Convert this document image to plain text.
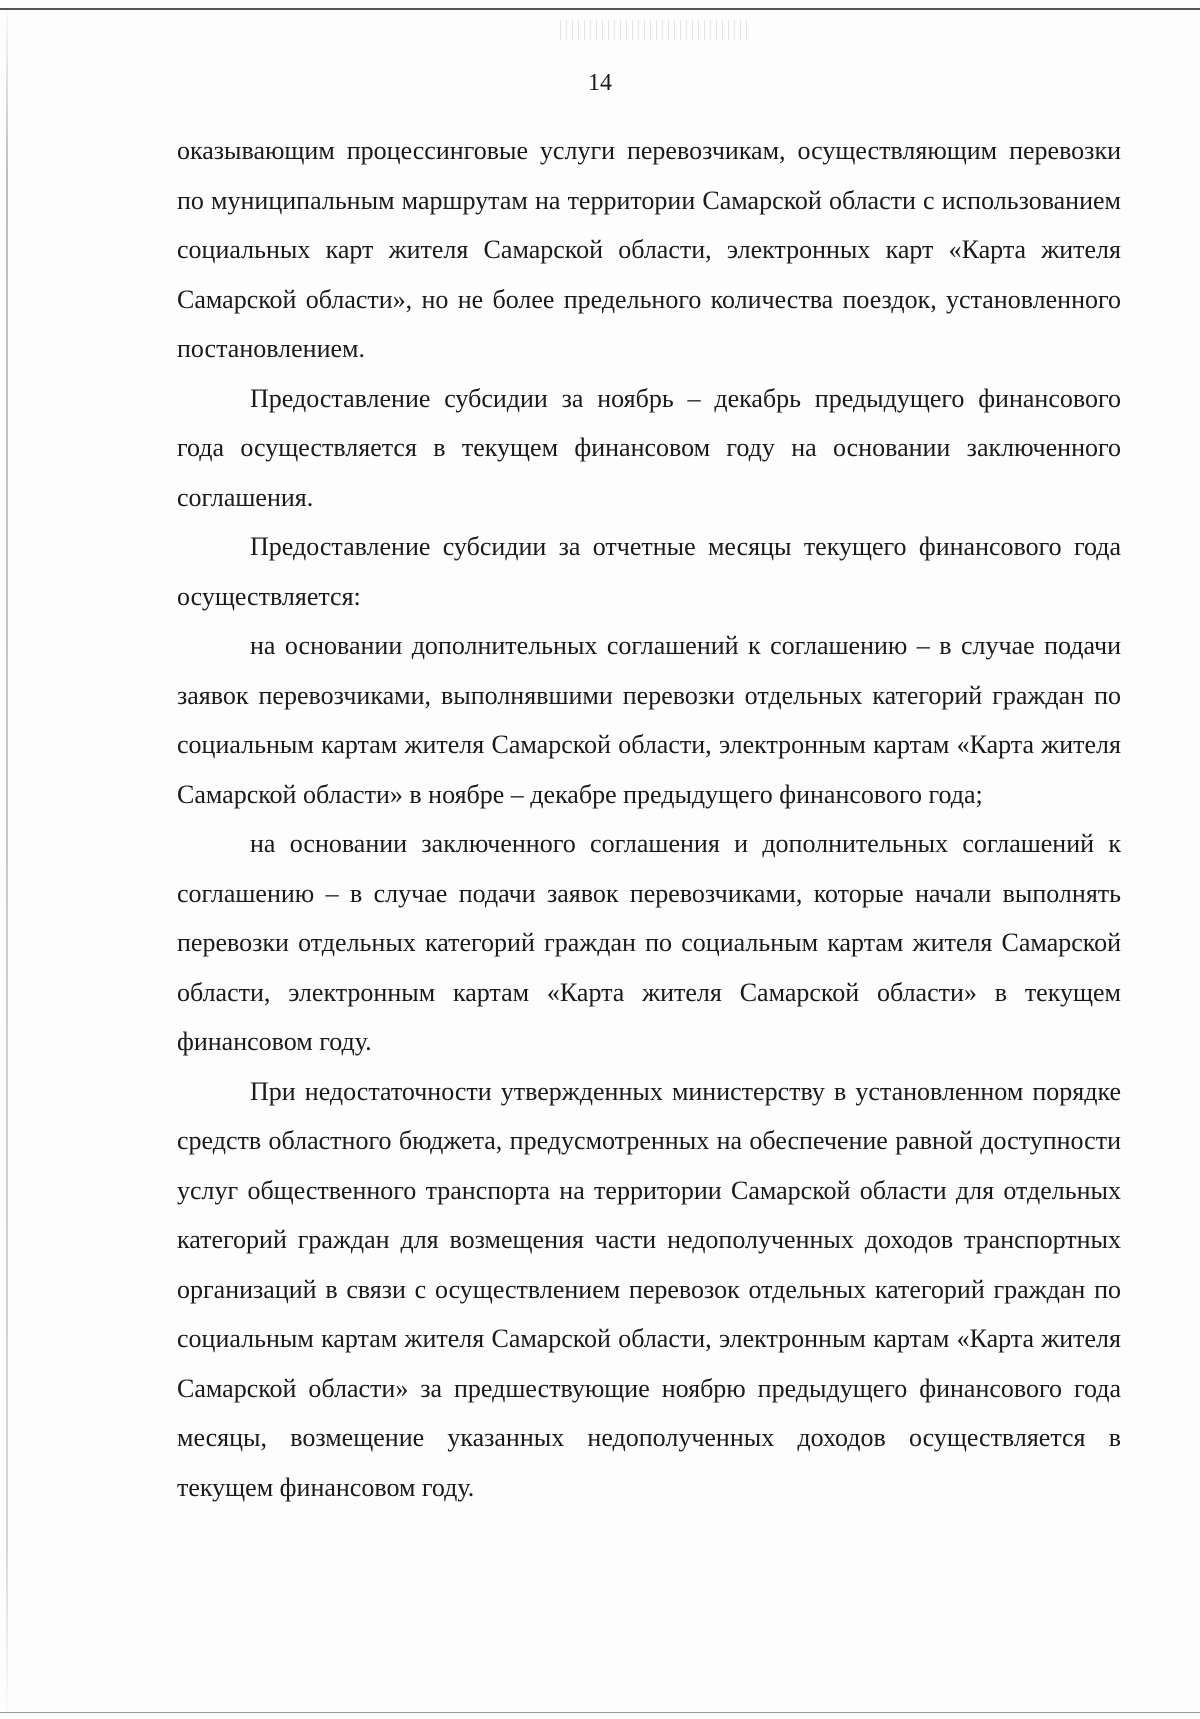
14

оказывающим процессинговые услуги перевозчикам, осуществляющим перевозки по муниципальным маршрутам на территории Самарской области с использованием социальных карт жителя Самарской области, электронных карт «Карта жителя Самарской области», но не более предельного количества поездок, установленного постановлением.

Предоставление субсидии за ноябрь – декабрь предыдущего финансового года осуществляется в текущем финансовом году на основании заключенного соглашения.

Предоставление субсидии за отчетные месяцы текущего финансового года осуществляется:

на основании дополнительных соглашений к соглашению – в случае подачи заявок перевозчиками, выполнявшими перевозки отдельных категорий граждан по социальным картам жителя Самарской области, электронным картам «Карта жителя Самарской области» в ноябре – декабре предыдущего финансового года;

на основании заключенного соглашения и дополнительных соглашений к соглашению – в случае подачи заявок перевозчиками, которые начали выполнять перевозки отдельных категорий граждан по социальным картам жителя Самарской области, электронным картам «Карта жителя Самарской области» в текущем финансовом году.

При недостаточности утвержденных министерству в установленном порядке средств областного бюджета, предусмотренных на обеспечение равной доступности услуг общественного транспорта на территории Самарской области для отдельных категорий граждан для возмещения части недополученных доходов транспортных организаций в связи с осуществлением перевозок отдельных категорий граждан по социальным картам жителя Самарской области, электронным картам «Карта жителя Самарской области» за предшествующие ноябрю предыдущего финансового года месяцы, возмещение указанных недополученных доходов осуществляется в текущем финансовом году.
